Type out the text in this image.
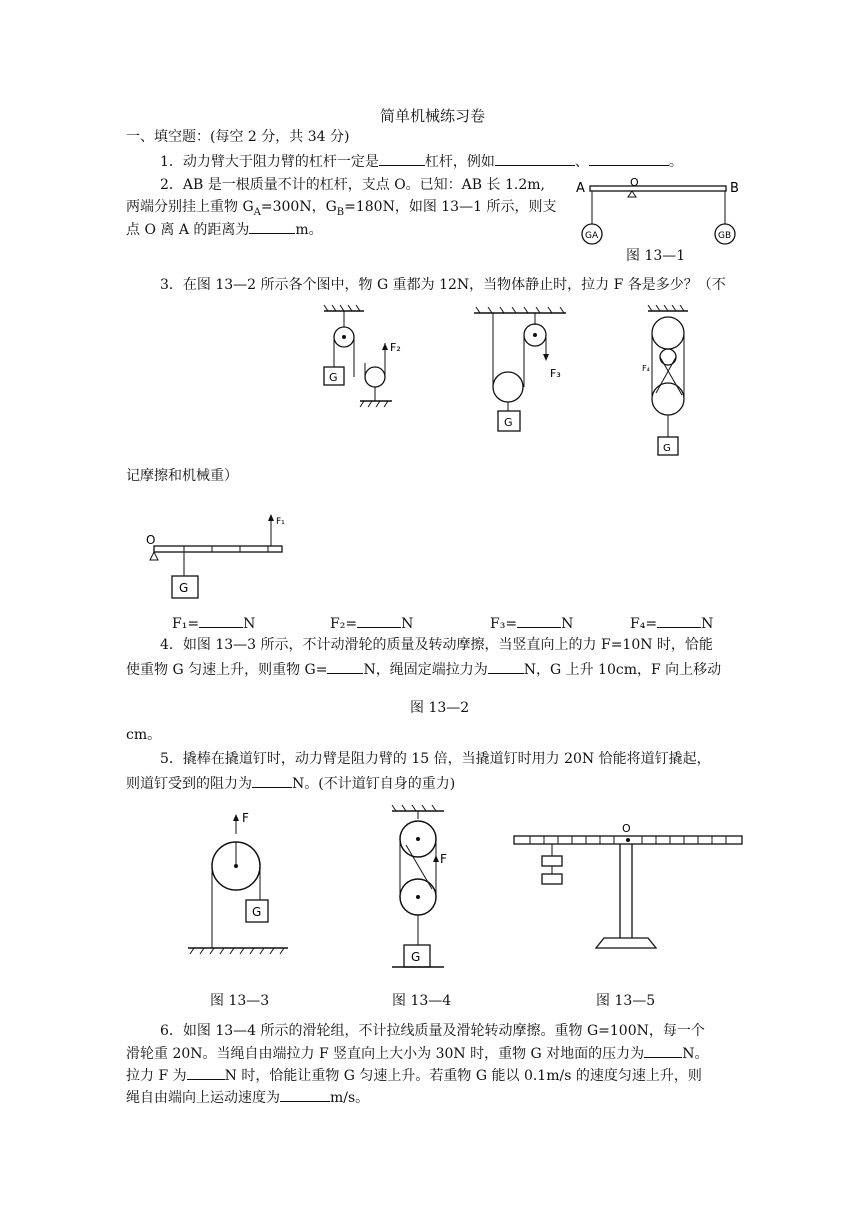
简单机械练习卷
一、填空题：(每空 2 分，共 34 分)
1．动力臂大于阻力臂的杠杆一定是	杠杆，例如	、	。
2．AB 是一根质量不计的杠杆，支点 O。已知：AB 长 1.2m,
两端分别挂上重物 $G_A=300N$，$G_B=180N$，如图 13—1 所示，则支
点 O 离 A 的距离为	m。
A	O	B
GA	GB
图 13—1
3．在图 13—2 所示各个图中，物 G 重都为 12N，当物体静止时，拉力 F 各是多少？（不
G
F₂
F₃
G
F₄
G
记摩擦和机械重）
O
F₁
G
F₁=	N	F₂=	N	F₃=	N	F₄=	N
4．如图 13—3 所示，不计动滑轮的质量及转动摩擦，当竖直向上的力 F=10N 时，恰能
使重物 G 匀速上升，则重物 G=	N，绳固定端拉力为	N，G 上升 10cm，F 向上移动
图 13—2
cm。
5．撬棒在撬道钉时，动力臂是阻力臂的 15 倍，当撬道钉时用力 20N 恰能将道钉撬起，
则道钉受到的阻力为	N。(不计道钉自身的重力)
F
G
图 13—3
F
G
图 13—4
O
图 13—5
6．如图 13—4 所示的滑轮组，不计拉线质量及滑轮转动摩擦。重物 G=100N，每一个
滑轮重 20N。当绳自由端拉力 F 竖直向上大小为 30N 时，重物 G 对地面的压力为	N。
拉力 F 为	N 时，恰能让重物 G 匀速上升。若重物 G 能以 0.1m/s 的速度匀速上升，则
绳自由端向上运动速度为	m/s。
